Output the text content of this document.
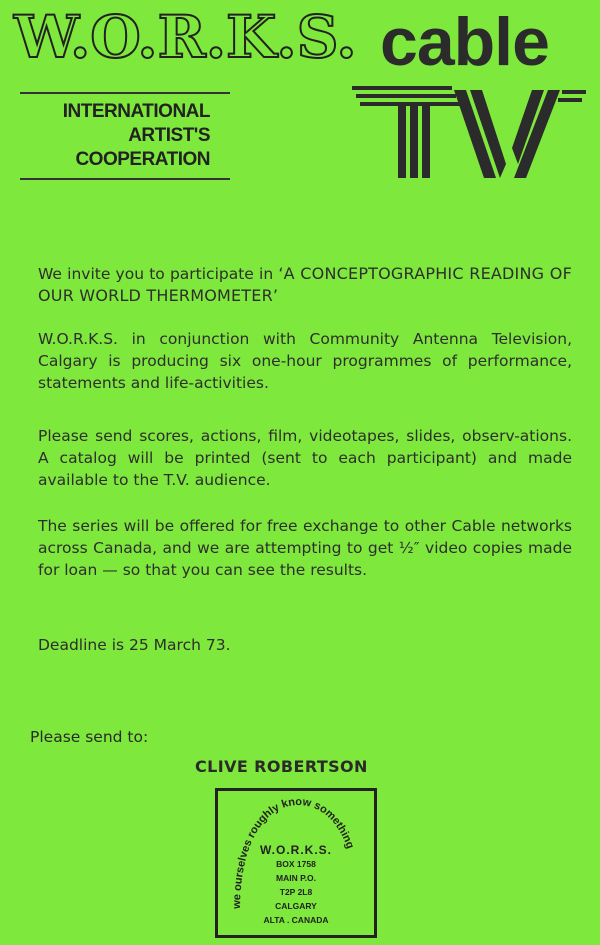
W.O.R.K.S.
INTERNATIONAL
ARTIST'S
COOPERATION
cable
We invite you to participate in ‘A CONCEPTOGRAPHIC READING OF OUR WORLD THERMOMETER’
W.O.R.K.S. in conjunction with Community Antenna Television, Calgary is producing six one-hour programmes of performance, statements and life-activities.
Please send scores, actions, film, videotapes, slides, observ-ations. A catalog will be printed (sent to each participant) and made available to the T.V. audience.
The series will be offered for free exchange to other Cable networks across Canada, and we are attempting to get ½″ video copies made for loan — so that you can see the results.
Deadline is 25 March 73.
Please send to:
CLIVE ROBERTSON
we ourselves roughly know something
W.O.R.K.S.
BOX 1758
MAIN P.O.
T2P 2L8
CALGARY
ALTA . CANADA
